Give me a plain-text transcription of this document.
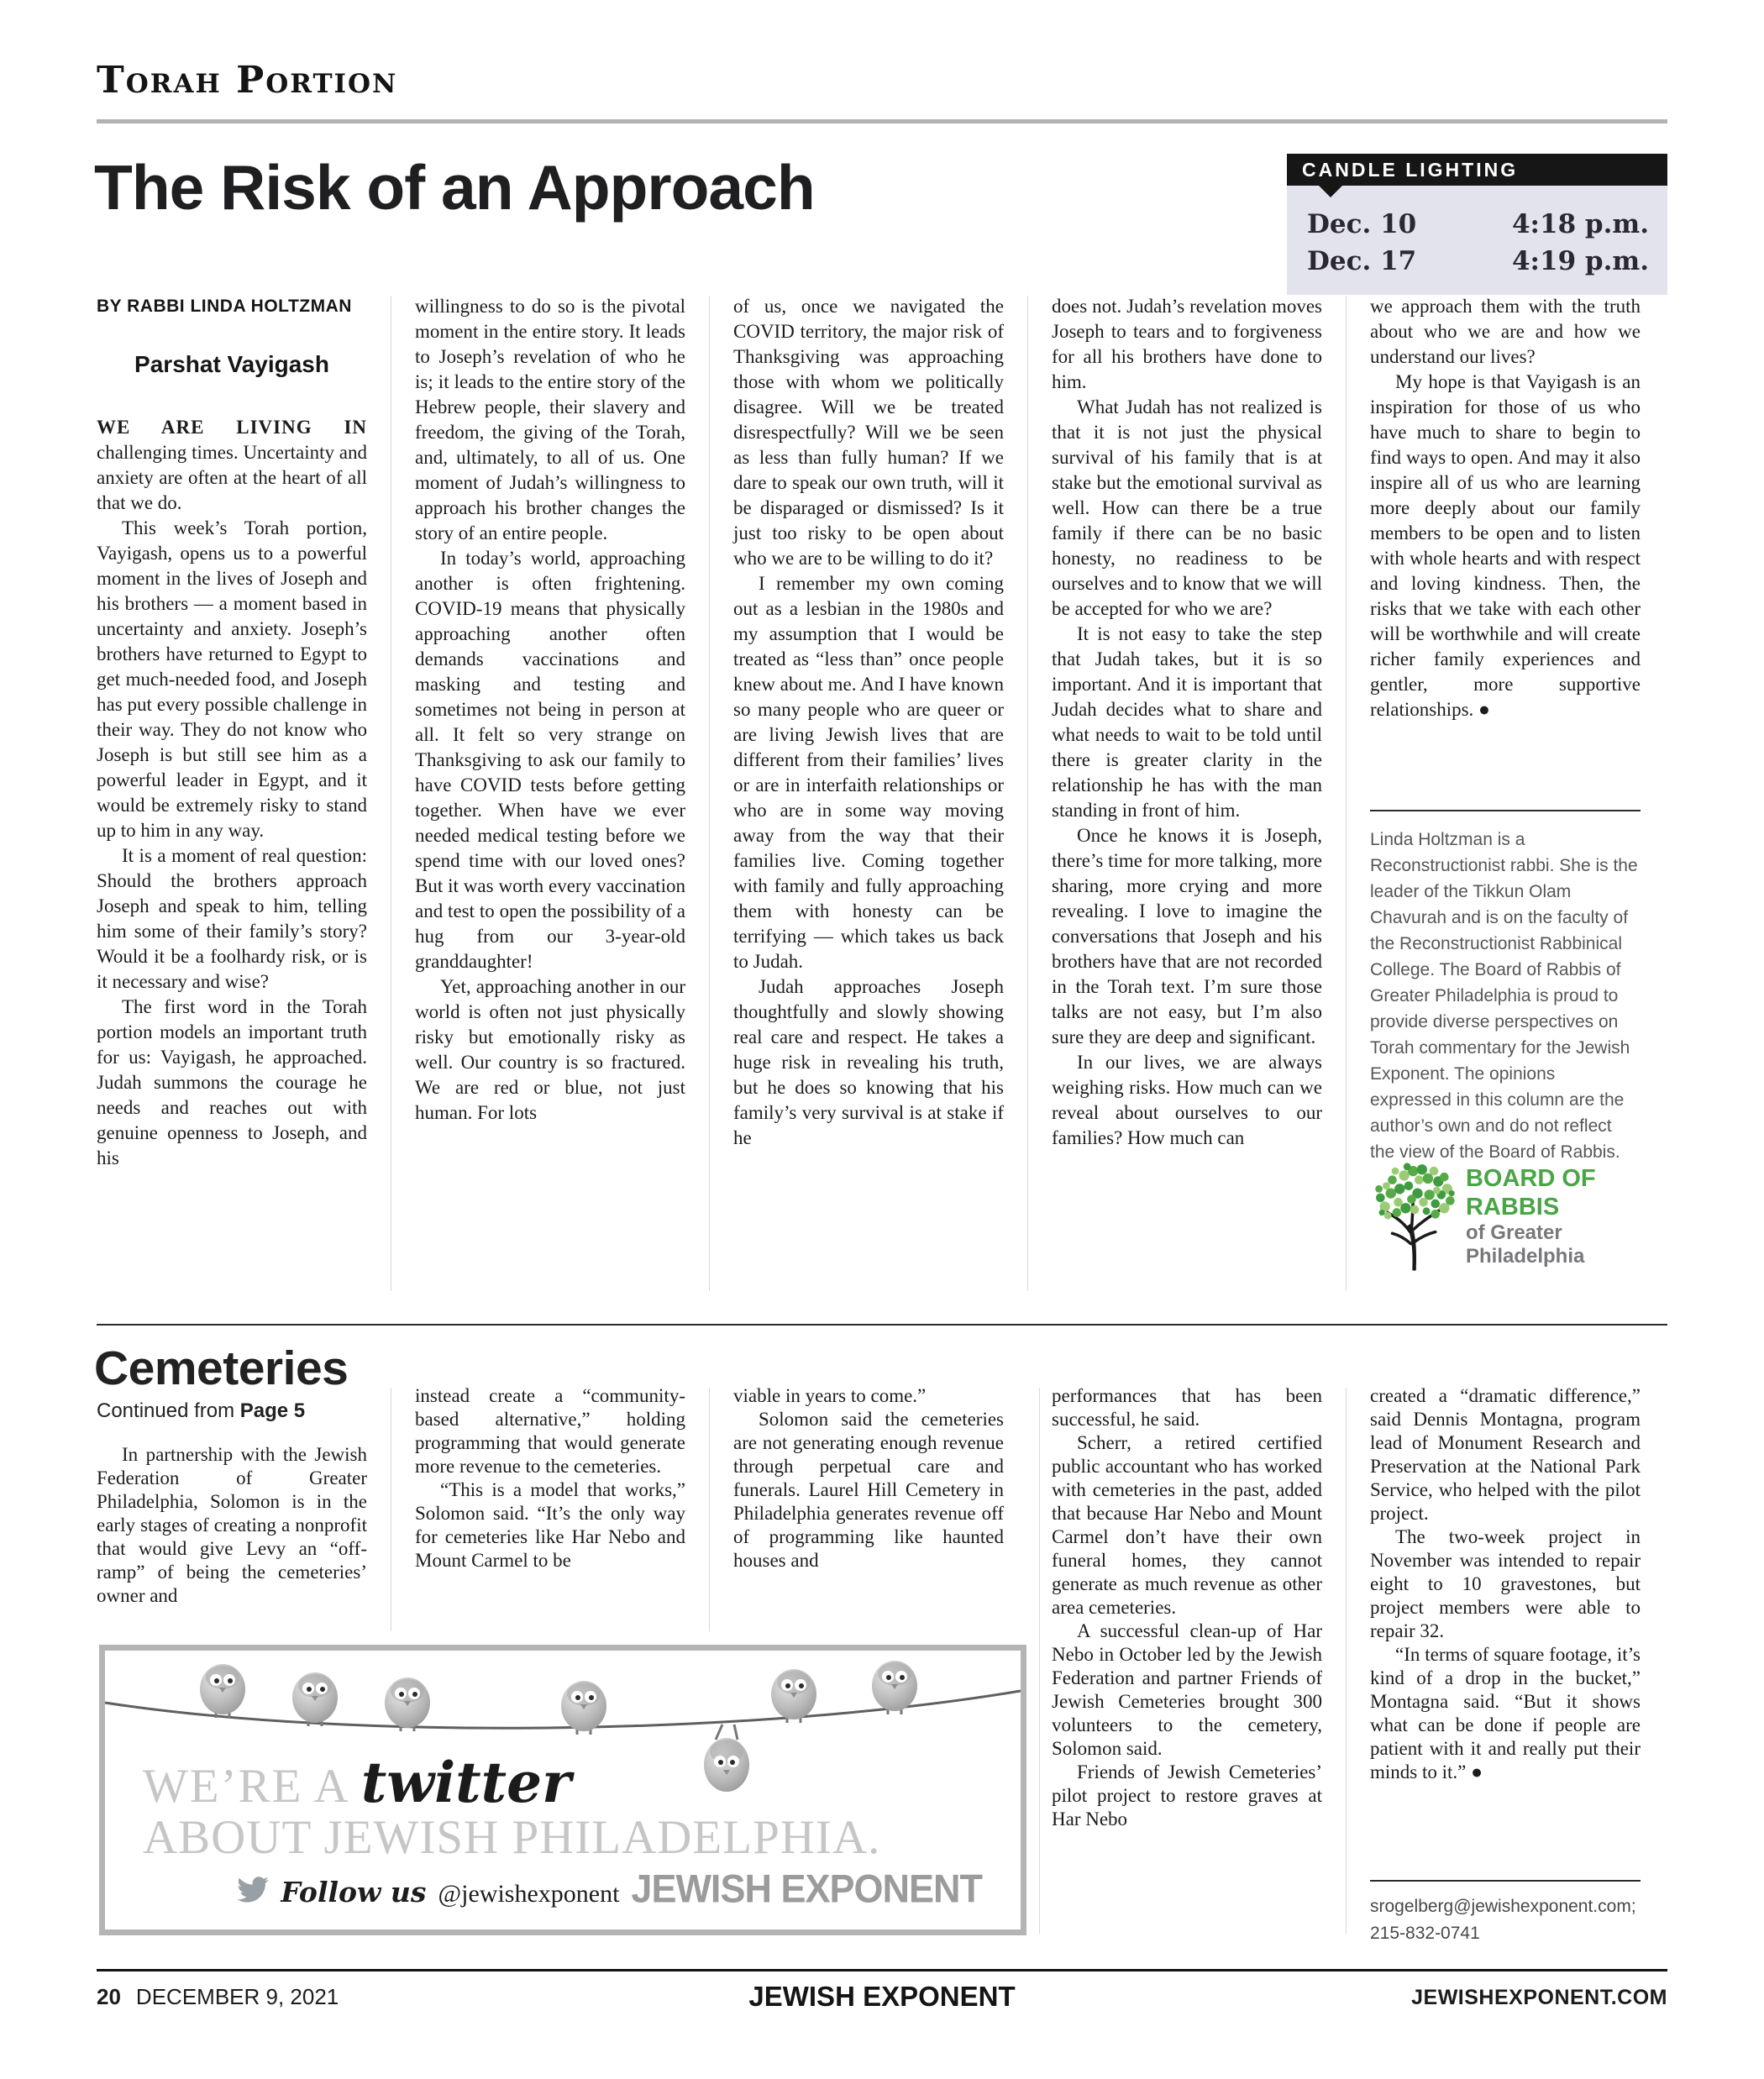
Torah Portion
The Risk of an Approach	CANDLE LIGHTING
Dec. 10	4:18 p.m.
Dec. 17	4:19 p.m.
BY RABBI LINDA HOLTZMAN
Parshat Vayigash

WE ARE LIVING IN challenging times. Uncertainty and anxiety are often at the heart of all that we do.

This week’s Torah portion, Vayigash, opens us to a powerful moment in the lives of Joseph and his brothers — a moment based in uncertainty and anxiety. Joseph’s brothers have returned to Egypt to get much-needed food, and Joseph has put every possible challenge in their way. They do not know who Joseph is but still see him as a powerful leader in Egypt, and it would be extremely risky to stand up to him in any way.

It is a moment of real question: Should the brothers approach Joseph and speak to him, telling him some of their family’s story? Would it be a foolhardy risk, or is it necessary and wise?

The first word in the Torah portion models an important truth for us: Vayigash, he approached. Judah summons the courage he needs and reaches out with genuine openness to Joseph, and his

willingness to do so is the pivotal moment in the entire story. It leads to Joseph’s revelation of who he is; it leads to the entire story of the Hebrew people, their slavery and freedom, the giving of the Torah, and, ultimately, to all of us. One moment of Judah’s willingness to approach his brother changes the story of an entire people.

In today’s world, approaching another is often frightening. COVID-19 means that physically approaching another often demands vaccinations and masking and testing and sometimes not being in person at all. It felt so very strange on Thanksgiving to ask our family to have COVID tests before getting together. When have we ever needed medical testing before we spend time with our loved ones? But it was worth every vaccination and test to open the possibility of a hug from our 3-year-old granddaughter!

Yet, approaching another in our world is often not just physically risky but emotionally risky as well. Our country is so fractured. We are red or blue, not just human. For lots

of us, once we navigated the COVID territory, the major risk of Thanksgiving was approaching those with whom we politically disagree. Will we be treated disrespectfully? Will we be seen as less than fully human? If we dare to speak our own truth, will it be disparaged or dismissed? Is it just too risky to be open about who we are to be willing to do it?

I remember my own coming out as a lesbian in the 1980s and my assumption that I would be treated as “less than” once people knew about me. And I have known so many people who are queer or are living Jewish lives that are different from their families’ lives or are in interfaith relationships or who are in some way moving away from the way that their families live. Coming together with family and fully approaching them with honesty can be terrifying — which takes us back to Judah.

Judah approaches Joseph thoughtfully and slowly showing real care and respect. He takes a huge risk in revealing his truth, but he does so knowing that his family’s very survival is at stake if he

does not. Judah’s revelation moves Joseph to tears and to forgiveness for all his brothers have done to him.

What Judah has not realized is that it is not just the physical survival of his family that is at stake but the emotional survival as well. How can there be a true family if there can be no basic honesty, no readiness to be ourselves and to know that we will be accepted for who we are?

It is not easy to take the step that Judah takes, but it is so important. And it is important that Judah decides what to share and what needs to wait to be told until there is greater clarity in the relationship he has with the man standing in front of him.

Once he knows it is Joseph, there’s time for more talking, more sharing, more crying and more revealing. I love to imagine the conversations that Joseph and his brothers have that are not recorded in the Torah text. I’m sure those talks are not easy, but I’m also sure they are deep and significant.

In our lives, we are always weighing risks. How much can we reveal about ourselves to our families? How much can

we approach them with the truth about who we are and how we understand our lives?

My hope is that Vayigash is an inspiration for those of us who have much to share to begin to find ways to open. And may it also inspire all of us who are learning more deeply about our family members to be open and to listen with whole hearts and with respect and loving kindness. Then, the risks that we take with each other will be worthwhile and will create richer family experiences and gentler, more supportive relationships. ●

Linda Holtzman is a Reconstructionist rabbi. She is the leader of the Tikkun Olam Chavurah and is on the faculty of the Reconstructionist Rabbinical College. The Board of Rabbis of Greater Philadelphia is proud to provide diverse perspectives on Torah commentary for the Jewish Exponent. The opinions expressed in this column are the author’s own and do not reflect the view of the Board of Rabbis.
BOARD OF RABBIS
of Greater Philadelphia
Cemeteries
Continued from Page 5

In partnership with the Jewish Federation of Greater Philadelphia, Solomon is in the early stages of creating a nonprofit that would give Levy an “off-ramp” of being the cemeteries’ owner and

instead create a “community-based alternative,” holding programming that would generate more revenue to the cemeteries.

“This is a model that works,” Solomon said. “It’s the only way for cemeteries like Har Nebo and Mount Carmel to be

viable in years to come.”

Solomon said the cemeteries are not generating enough revenue through perpetual care and funerals. Laurel Hill Cemetery in Philadelphia generates revenue off of programming like haunted houses and

performances that has been successful, he said.

Scherr, a retired certified public accountant who has worked with cemeteries in the past, added that because Har Nebo and Mount Carmel don’t have their own funeral homes, they cannot generate as much revenue as other area cemeteries.

A successful clean-up of Har Nebo in October led by the Jewish Federation and partner Friends of Jewish Cemeteries brought 300 volunteers to the cemetery, Solomon said.

Friends of Jewish Cemeteries’ pilot project to restore graves at Har Nebo

created a “dramatic difference,” said Dennis Montagna, program lead of Monument Research and Preservation at the National Park Service, who helped with the pilot project.

The two-week project in November was intended to repair eight to 10 gravestones, but project members were able to repair 32.

“In terms of square footage, it’s kind of a drop in the bucket,” Montagna said. “But it shows what can be done if people are patient with it and really put their minds to it.” ●

srogelberg@jewishexponent.com;
215-832-0741
WE’RE A twitter
ABOUT JEWISH PHILADELPHIA.
Follow us @jewishexponent JEWISH EXPONENT
20 DECEMBER 9, 2021	JEWISH EXPONENT	JEWISHEXPONENT.COM
